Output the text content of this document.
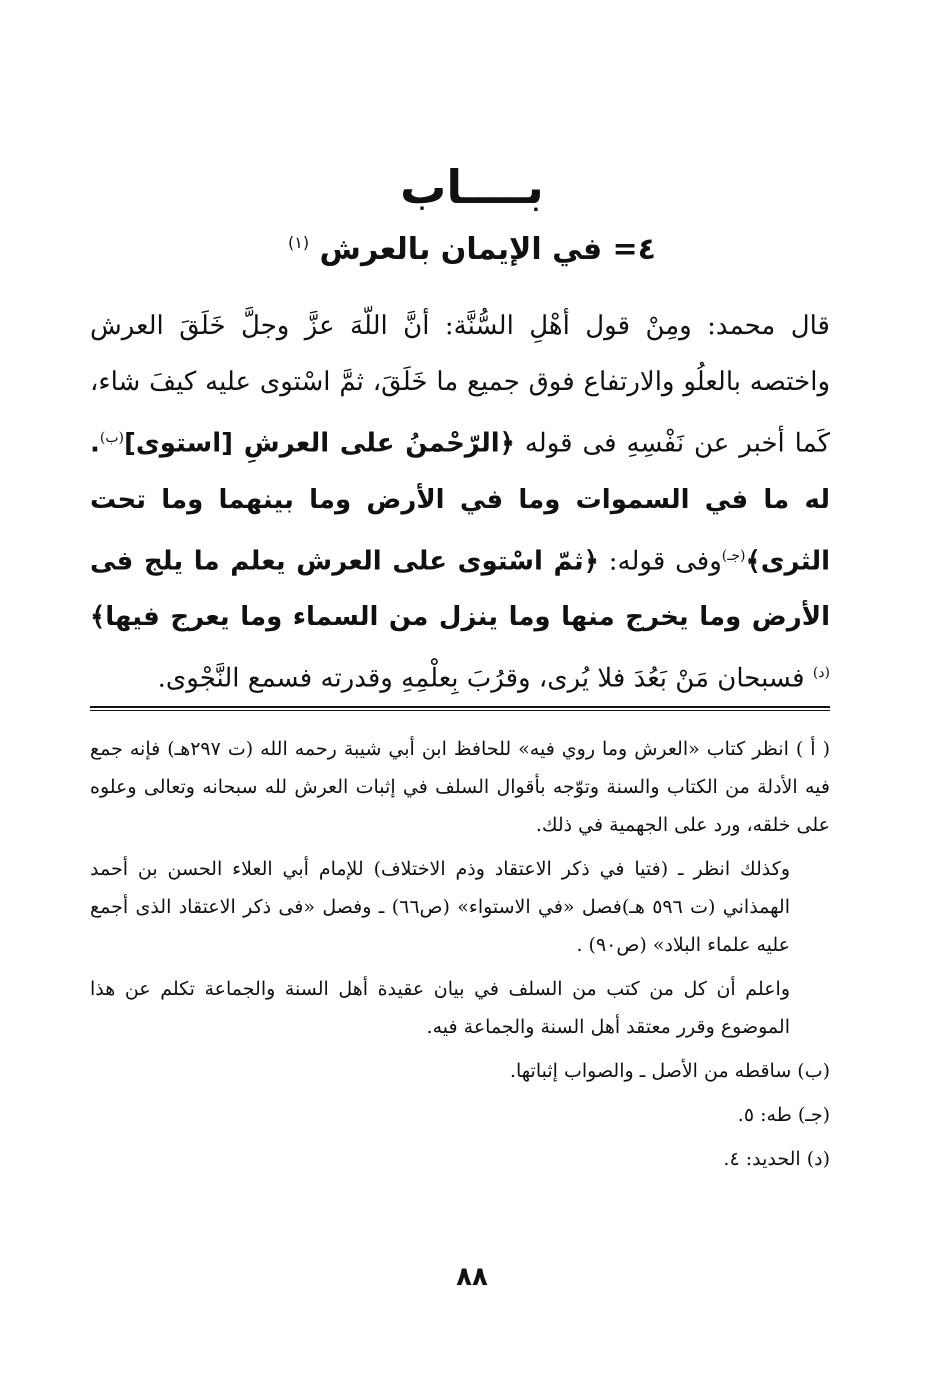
بــــاب
٤= في الإيمان بالعرش $^{(١)}$
قال محمد: ومِنْ قول أهْلِ السُّنَّة: أنَّ اللّهَ عزَّ وجلَّ خَلَقَ العرش واختصه بالعلُو والارتفاع فوق جميع ما خَلَقَ، ثمَّ اسْتوى عليه كيفَ شاء، كَما أخبر عن نَفْسِهِ فى قوله ﴿الرّحْمنُ على العرشِ [استوى]$^{(ب)}$. له ما في السموات وما في الأرض وما بينهما وما تحت الثرى﴾$^{(جـ)}$وفى قوله: ﴿ثمّ اسْتوى على العرش يعلم ما يلج فى الأرض وما يخرج منها وما ينزل من السماء وما يعرج فيها﴾$^{(د)}$ فسبحان مَنْ بَعُدَ فلا يُرى، وقرُبَ بِعلْمِهِ وقدرته فسمع النَّجْوى.
( أ ) انظر كتاب «العرش وما روي فيه» للحافظ ابن أبي شيبة رحمه الله (ت ٢٩٧هـ) فإنه جمع فيه الأدلة من الكتاب والسنة وتوّجه بأقوال السلف في إثبات العرش لله سبحانه وتعالى وعلوه على خلقه، ورد على الجهمية في ذلك.
وكذلك انظر ـ (فتيا في ذكر الاعتقاد وذم الاختلاف) للإمام أبي العلاء الحسن بن أحمد الهمذاني (ت ٥٩٦ هـ)فصل «في الاستواء» (ص٦٦) ـ وفصل «فى ذكر الاعتقاد الذى أجمع عليه علماء البلاد» (ص٩٠) .
واعلم أن كل من كتب من السلف في بيان عقيدة أهل السنة والجماعة تكلم عن هذا الموضوع وقرر معتقد أهل السنة والجماعة فيه.
(ب) ساقطه من الأصل ـ والصواب إثباتها.
(جـ) طه: ٥.
(د) الحديد: ٤.
٨٨
